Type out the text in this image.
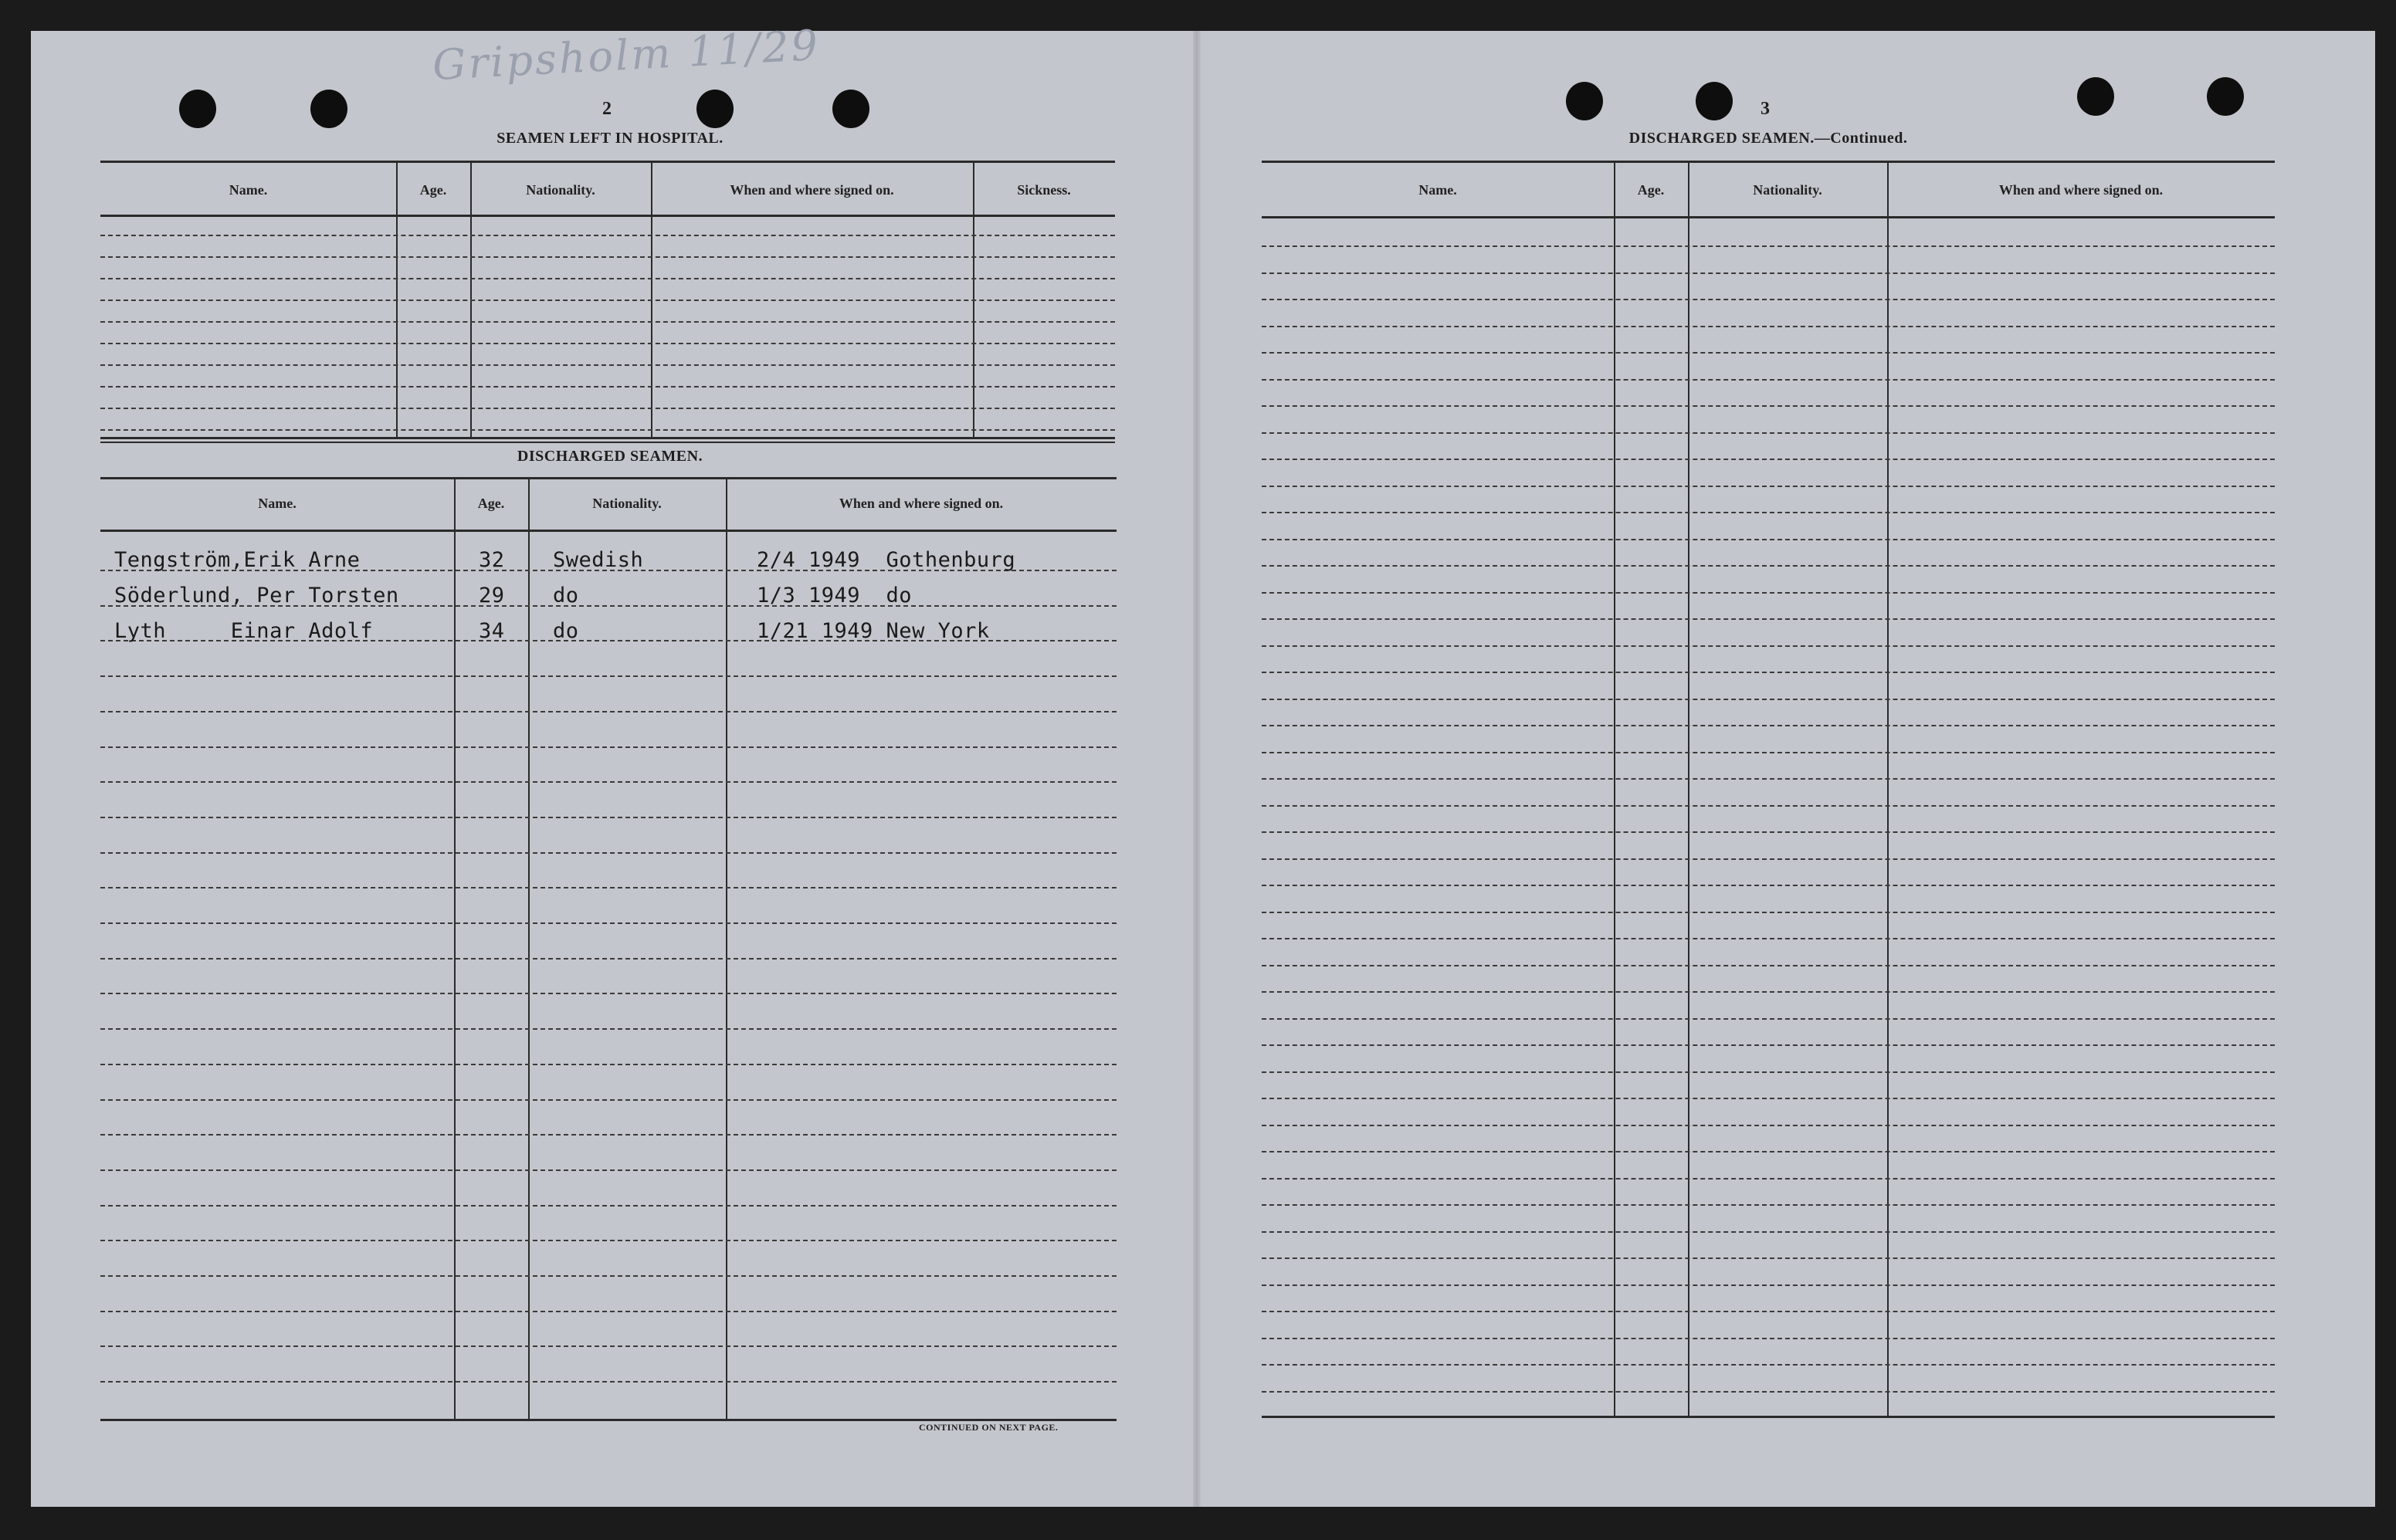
Gripsholm 11/29
2
SEAMEN LEFT IN HOSPITAL.
DISCHARGED SEAMEN.
CONTINUED ON NEXT PAGE.
3
DISCHARGED SEAMEN.—Continued.
Name.	Age.	Nationality.	When and where signed on.	Sickness.
Name.	Age.	Nationality.	When and where signed on.
Name.	Age.	Nationality.	When and where signed on.
Tengström,Erik Arne	32 Swedish	2/4 1949  Gothenburg
Söderlund, Per Torsten	29 do	1/3 1949  do
Lyth     Einar Adolf	34 do	1/21 1949 New York
